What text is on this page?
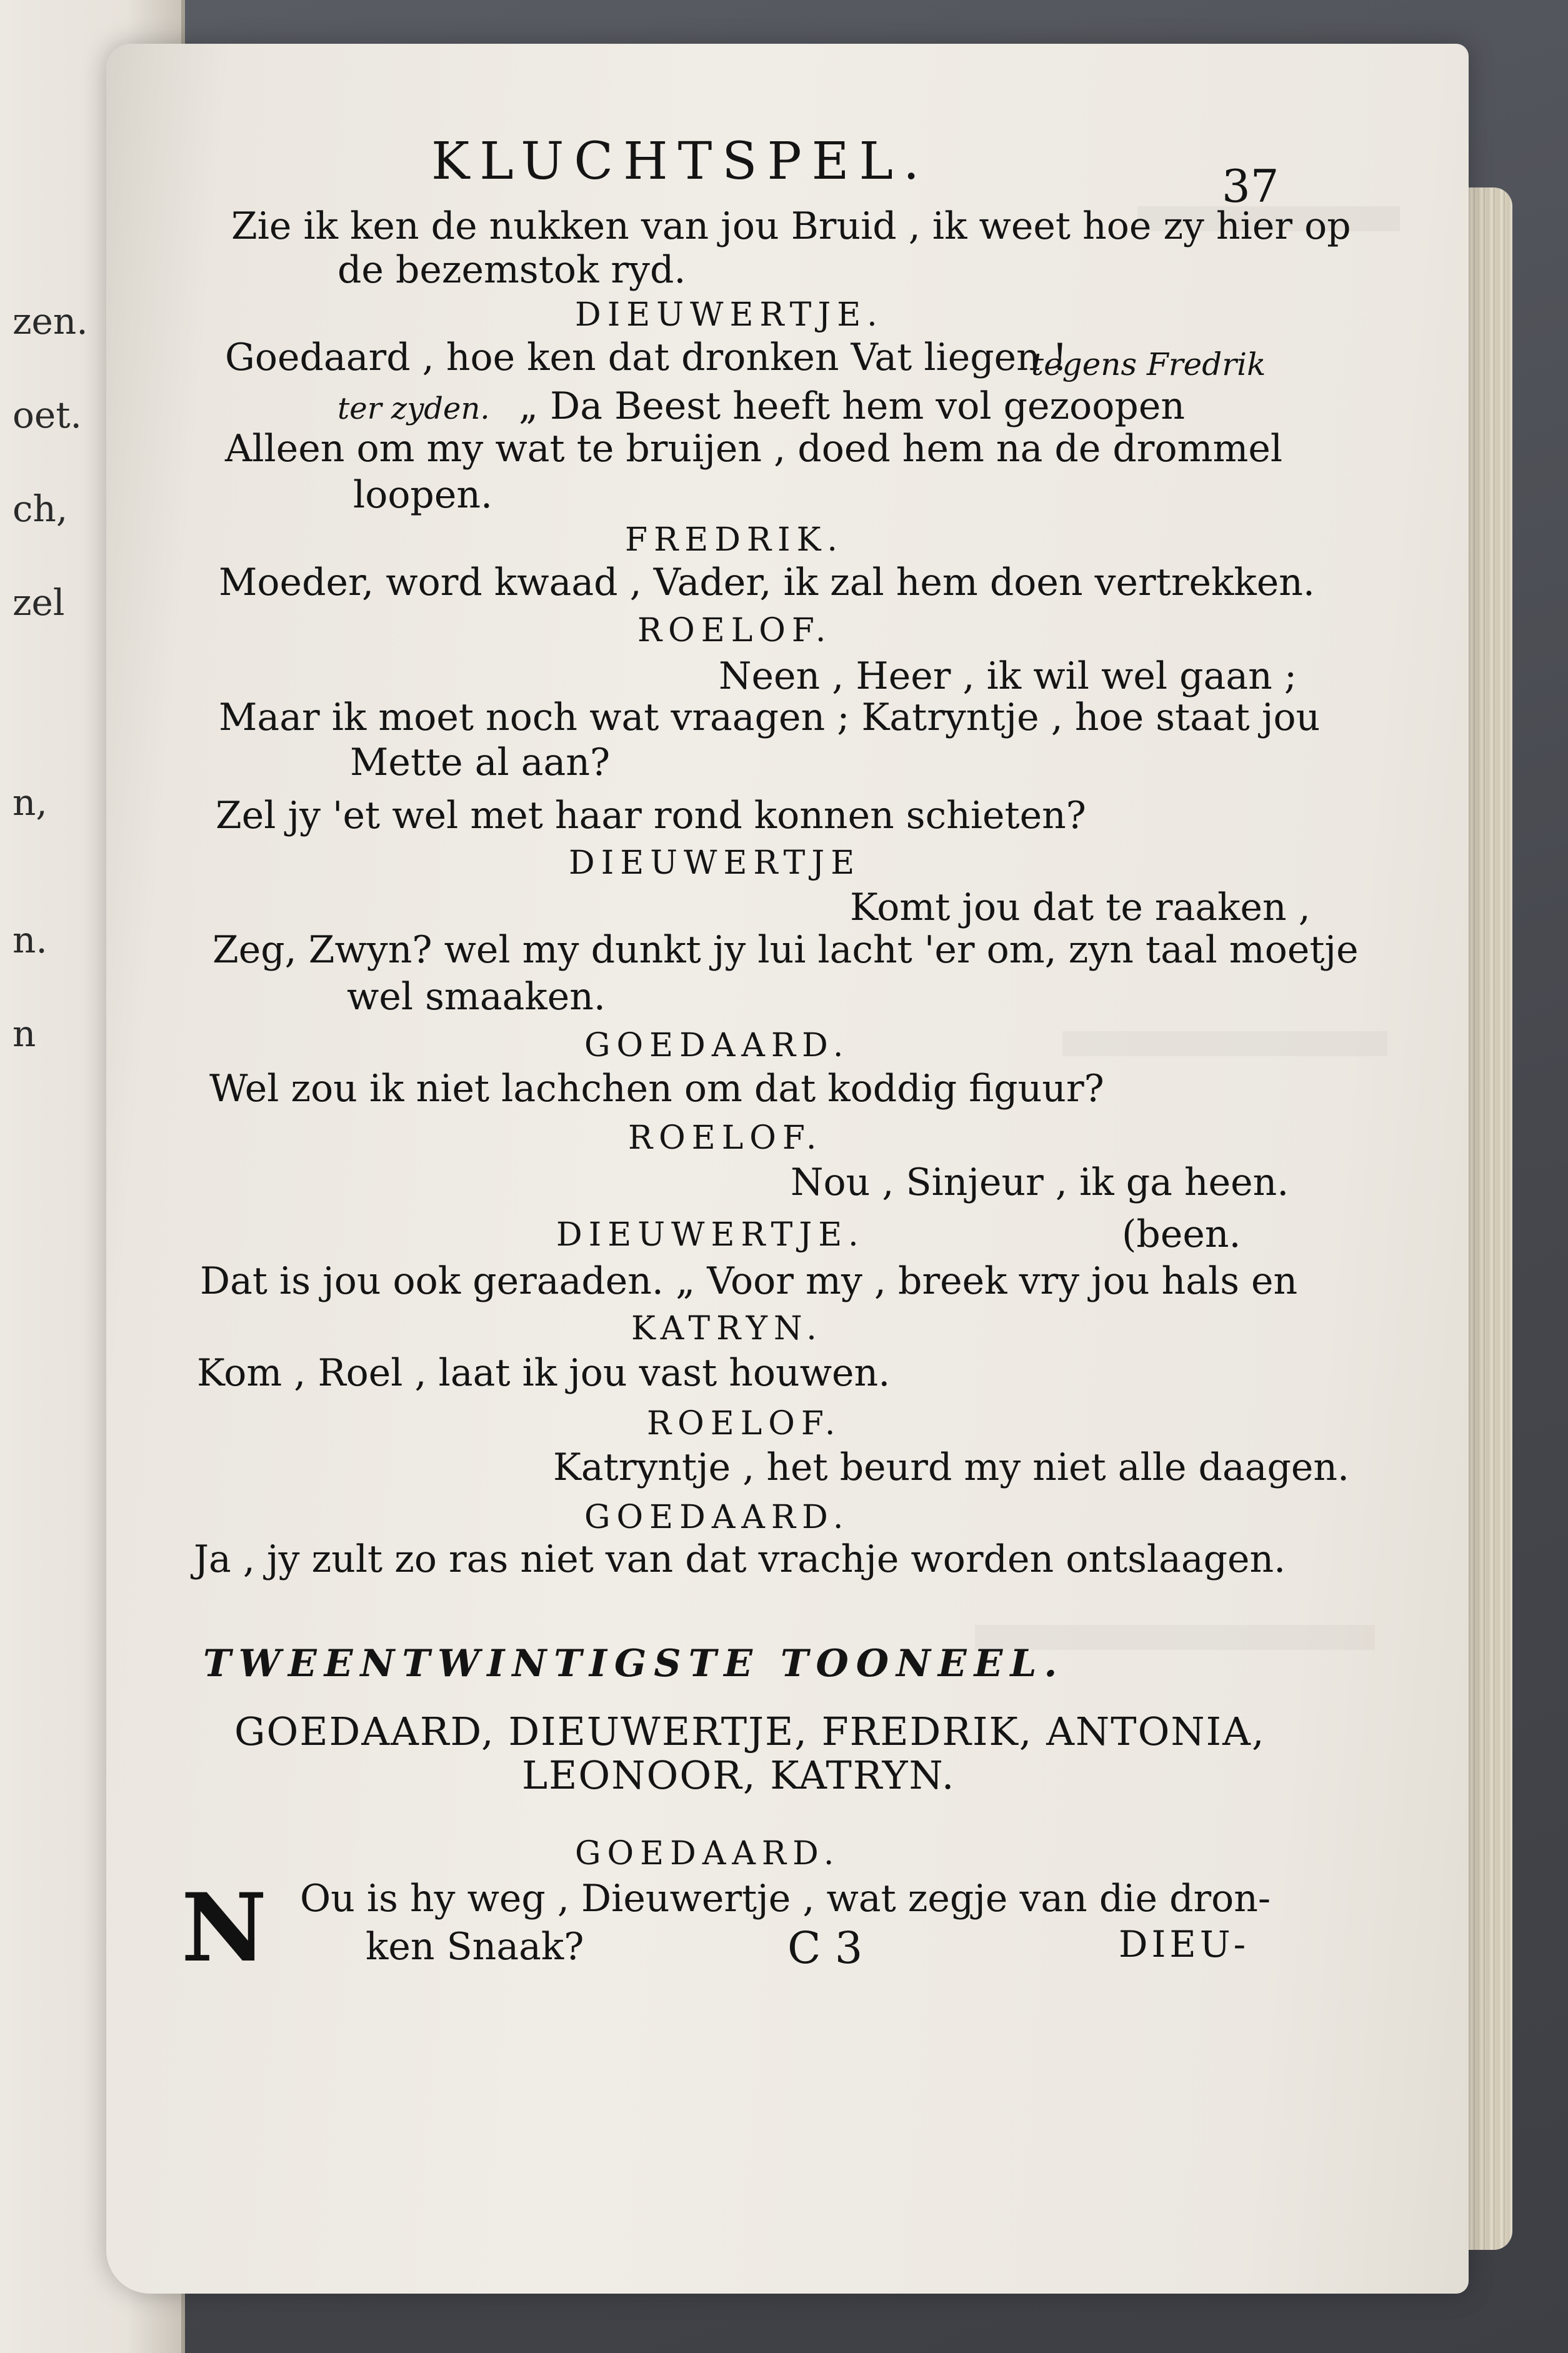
zen.

oet.

ch,

zel

n,

n.

n

KLUCHTSPEL.	37

Zie ik ken de nukken van jou Bruid , ik weet hoe zy hier op

de bezemstok ryd.

DIEUWERTJE.

Goedaard , hoe ken dat dronken Vat liegen !

tegens Fredrik

ter zyden. „ Da Beest heeft hem vol gezoopen

Alleen om my wat te bruijen , doed hem na de drommel

loopen.

FREDRIK.

Moeder, word kwaad , Vader, ik zal hem doen vertrekken.

ROELOF.

Neen , Heer , ik wil wel gaan ;

Maar ik moet noch wat vraagen ; Katryntje , hoe staat jou

Mette al aan?

Zel jy 'et wel met haar rond konnen schieten?

DIEUWERTJE

Komt jou dat te raaken ,

Zeg, Zwyn? wel my dunkt jy lui lacht 'er om, zyn taal moetje

wel smaaken.

GOEDAARD.

Wel zou ik niet lachchen om dat koddig figuur?

ROELOF.

Nou , Sinjeur , ik ga heen.

DIEUWERTJE.	(been.

Dat is jou ook geraaden. „ Voor my , breek vry jou hals en

KATRYN.

Kom , Roel , laat ik jou vast houwen.

ROELOF.

Katryntje , het beurd my niet alle daagen.

GOEDAARD.

Ja , jy zult zo ras niet van dat vrachje worden ontslaagen.

TWEENTWINTIGSTE TOONEEL.

GOEDAARD, DIEUWERTJE, FREDRIK, ANTONIA,

LEONOOR, KATRYN.

GOEDAARD.

N Ou is hy weg , Dieuwertje , wat zegje van die dron-

ken Snaak?	C 3	DIEU-
